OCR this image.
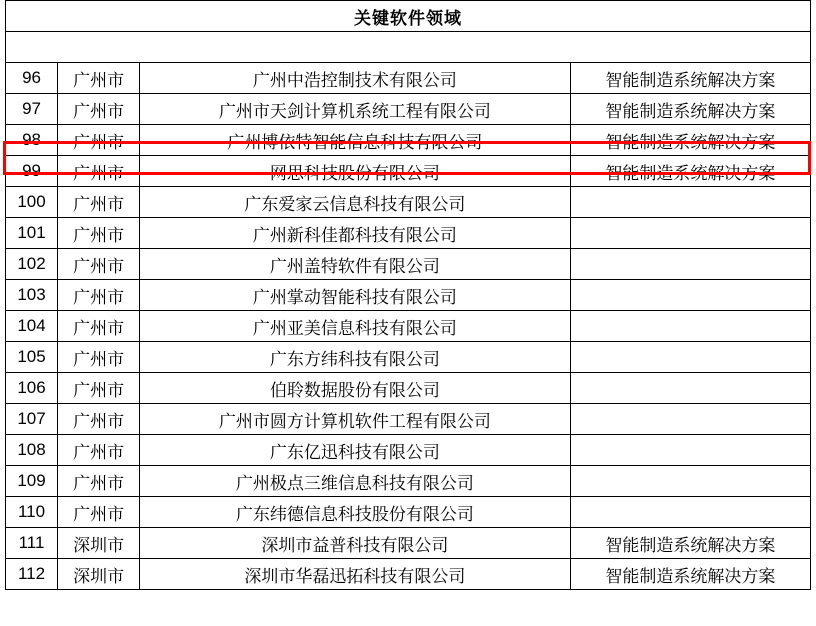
关键软件领域			

96	广州市	广州中浩控制技术有限公司	智能制造系统解决方案
97	广州市	广州市天剑计算机系统工程有限公司	智能制造系统解决方案
98	广州市	广州博依特智能信息科技有限公司	智能制造系统解决方案
99	广州市	网思科技股份有限公司	智能制造系统解决方案
100	广州市	广东爱家云信息科技有限公司	
101	广州市	广州新科佳都科技有限公司	
102	广州市	广州盖特软件有限公司	
103	广州市	广州掌动智能科技有限公司	
104	广州市	广州亚美信息科技有限公司	
105	广州市	广东方纬科技有限公司	
106	广州市	伯聆数据股份有限公司	
107	广州市	广州市圆方计算机软件工程有限公司	
108	广州市	广东亿迅科技有限公司	
109	广州市	广州极点三维信息科技有限公司	
110	广州市	广东纬德信息科技股份有限公司	
111	深圳市	深圳市益普科技有限公司	智能制造系统解决方案
112	深圳市	深圳市华磊迅拓科技有限公司	智能制造系统解决方案
